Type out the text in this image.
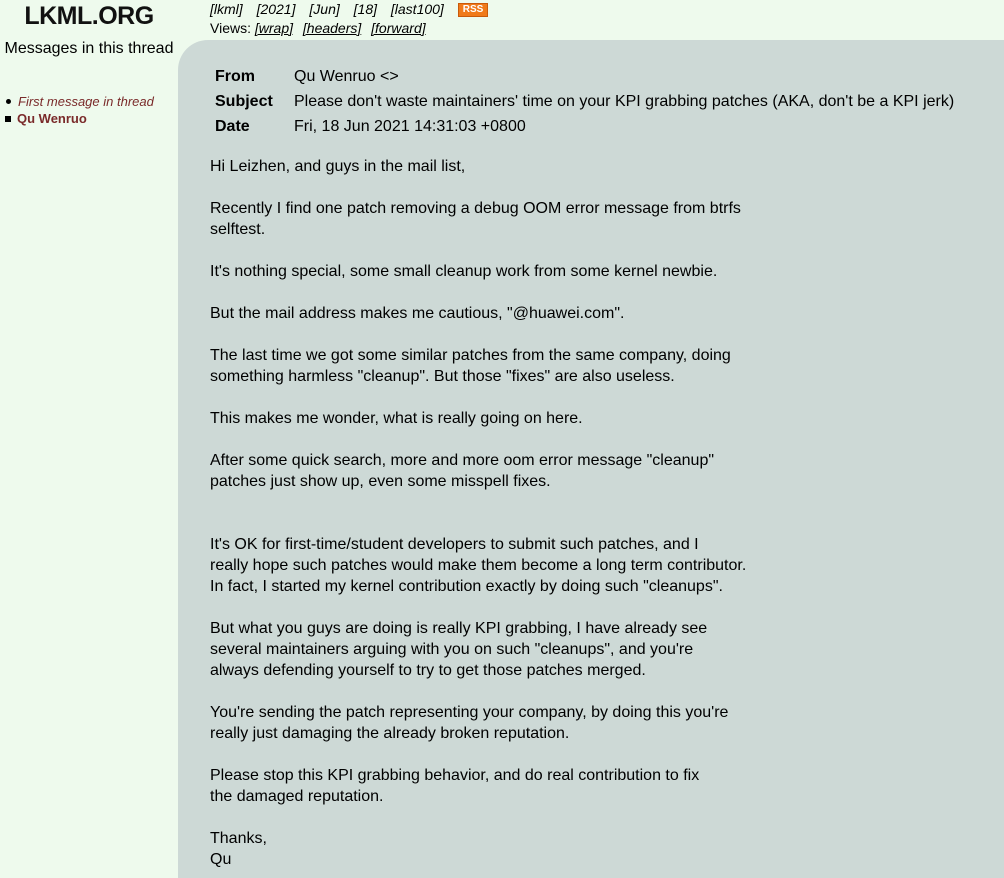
LKML.ORG
Messages in this thread
First message in thread
Qu Wenruo
[lkml] [2021] [Jun] [18] [last100] RSS
Views: [wrap] [headers] [forward]
From Qu Wenruo <>
Subject Please don't waste maintainers' time on your KPI grabbing patches (AKA, don't be a KPI jerk)
Date	Fri, 18 Jun 2021 14:31:03 +0800
Hi Leizhen, and guys in the mail list,

Recently I find one patch removing a debug OOM error message from btrfs
selftest.

It's nothing special, some small cleanup work from some kernel newbie.

But the mail address makes me cautious, "@huawei.com".

The last time we got some similar patches from the same company, doing
something harmless "cleanup". But those "fixes" are also useless.

This makes me wonder, what is really going on here.

After some quick search, more and more oom error message "cleanup"
patches just show up, even some misspell fixes.

It's OK for first-time/student developers to submit such patches, and I
really hope such patches would make them become a long term contributor.
In fact, I started my kernel contribution exactly by doing such "cleanups".

But what you guys are doing is really KPI grabbing, I have already see
several maintainers arguing with you on such "cleanups", and you're
always defending yourself to try to get those patches merged.

You're sending the patch representing your company, by doing this you're
really just damaging the already broken reputation.

Please stop this KPI grabbing behavior, and do real contribution to fix
the damaged reputation.

Thanks,
Qu
